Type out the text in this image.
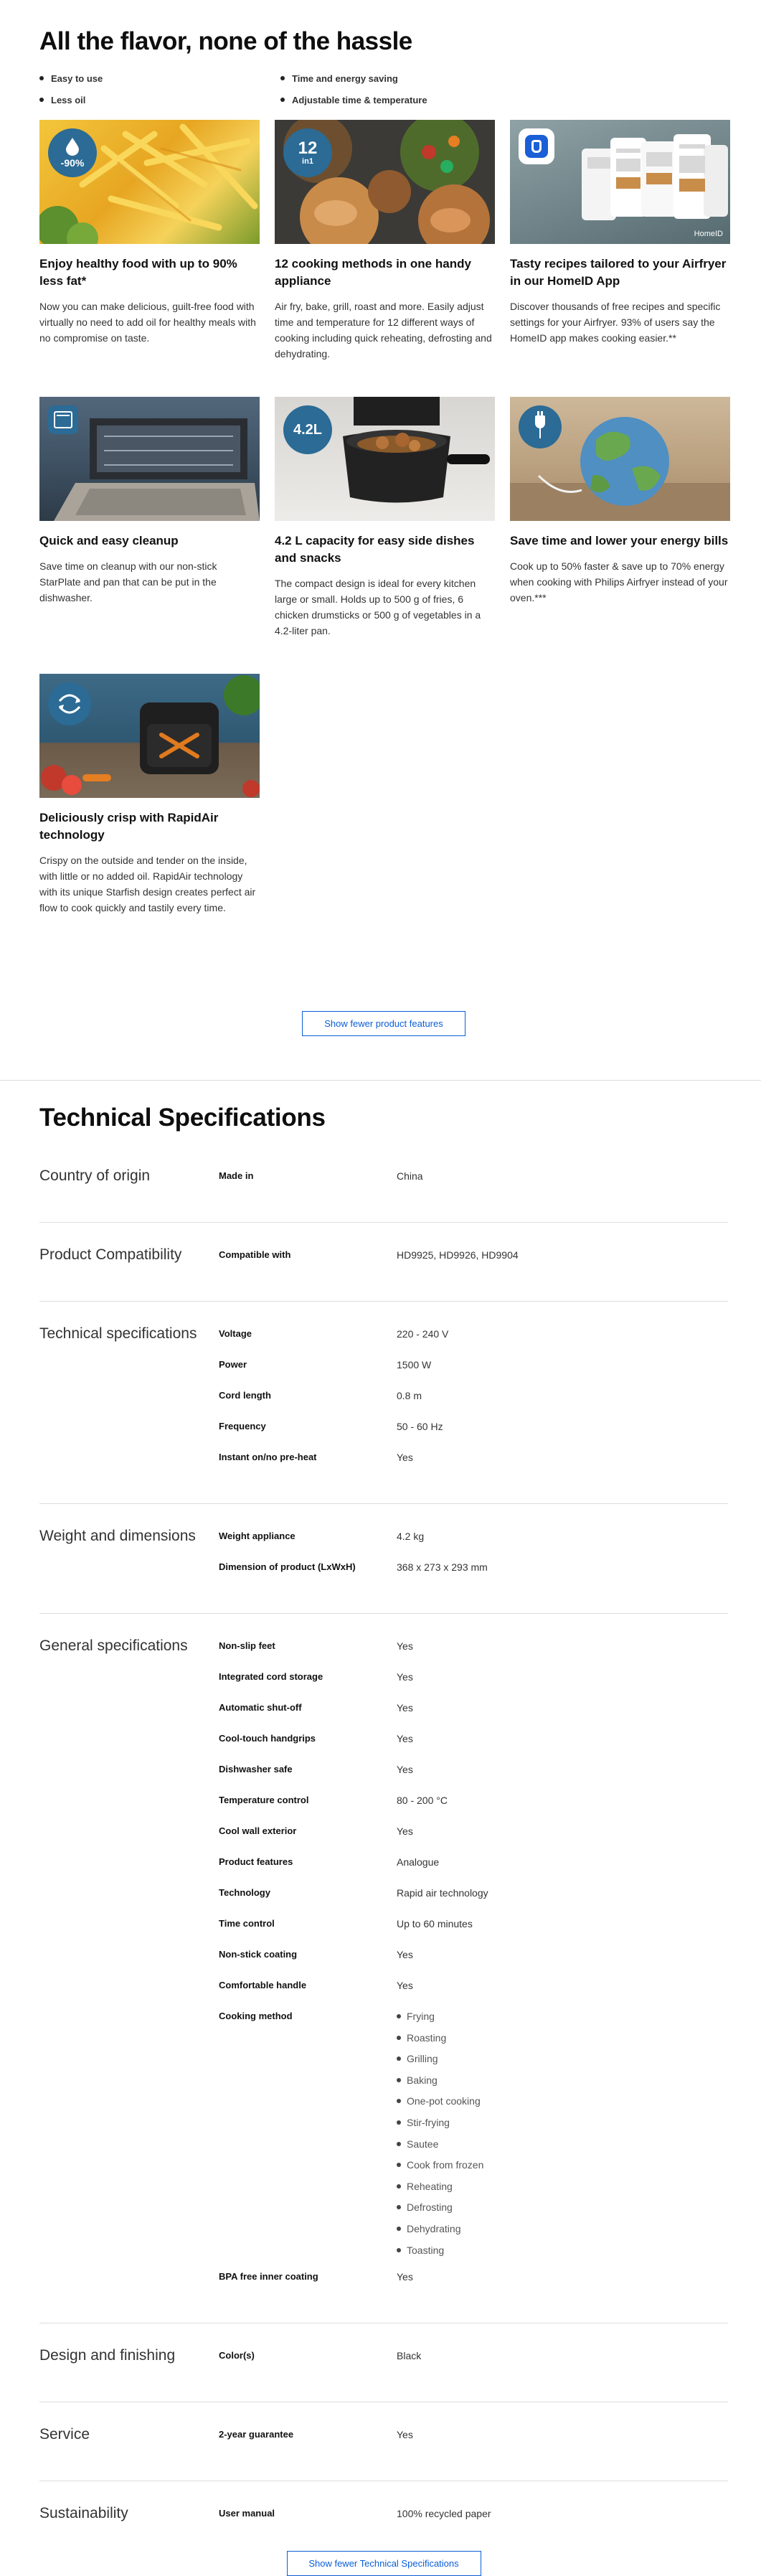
All the flavor, none of the hassle
Easy to use	Time and energy saving
Less oil	Adjustable time & temperature
-90%
Enjoy healthy food with up to 90% less fat*

Now you can make delicious, guilt-free food with virtually no need to add oil for healthy meals with no compromise on taste.

12
in1
12 cooking methods in one handy appliance

Air fry, bake, grill, roast and more. Easily adjust time and temperature for 12 different ways of cooking including quick reheating, defrosting and dehydrating.

HomeID
Tasty recipes tailored to your Airfryer in our HomeID App

Discover thousands of free recipes and specific settings for your Airfryer. 93% of users say the HomeID app makes cooking easier.**

Quick and easy cleanup

Save time on cleanup with our non-stick StarPlate and pan that can be put in the dishwasher.

4.2L
4.2 L capacity for easy side dishes and snacks

The compact design is ideal for every kitchen large or small. Holds up to 500 g of fries, 6 chicken drumsticks or 500 g of vegetables in a 4.2-liter pan.

Save time and lower your energy bills

Cook up to 50% faster & save up to 70% energy when cooking with Philips Airfryer instead of your oven.***

Deliciously crisp with RapidAir technology

Crispy on the outside and tender on the inside, with little or no added oil. RapidAir technology with its unique Starfish design creates perfect air flow to cook quickly and tastily every time.

Show fewer product features
Technical Specifications
Country of origin	Made in	China
Product Compatibility	Compatible with	HD9925, HD9926, HD9904
Technical specifications	Voltage	220 - 240 V
Power	1500 W
Cord length	0.8 m
Frequency	50 - 60 Hz
Instant on/no pre-heat	Yes
Weight and dimensions	Weight appliance	4.2 kg
Dimension of product (LxWxH)	368 x 273 x 293 mm
General specifications	Non-slip feet	Yes
Integrated cord storage	Yes
Automatic shut-off	Yes
Cool-touch handgrips	Yes
Dishwasher safe	Yes
Temperature control	80 - 200 °C
Cool wall exterior	Yes
Product features	Analogue
Technology	Rapid air technology
Time control	Up to 60 minutes
Non-stick coating	Yes
Comfortable handle	Yes
Cooking method	Frying
Roasting
Grilling
Baking
One-pot cooking
Stir-frying
Sautee
Cook from frozen
Reheating
Defrosting
Dehydrating
Toasting
BPA free inner coating	Yes
Design and finishing	Color(s)	Black
Service	2-year guarantee	Yes
Sustainability	User manual	100% recycled paper
Show fewer Technical Specifications
